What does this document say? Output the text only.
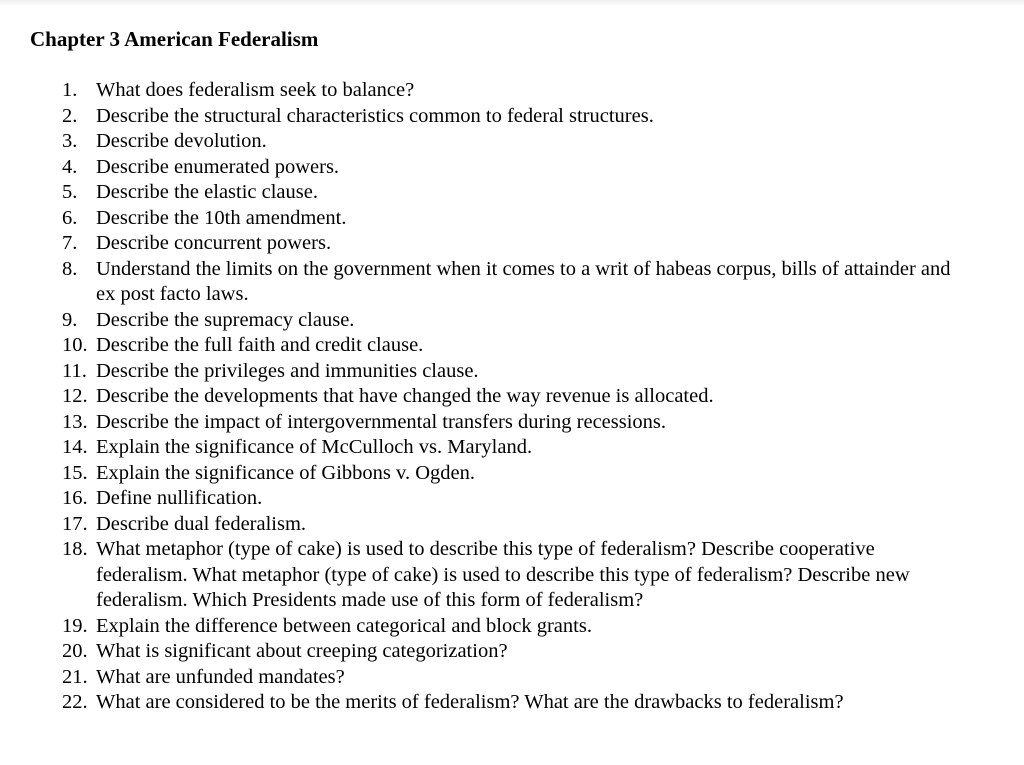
Chapter 3 American Federalism
1. What does federalism seek to balance?
2. Describe the structural characteristics common to federal structures.
3. Describe devolution.
4. Describe enumerated powers.
5. Describe the elastic clause.
6. Describe the 10th amendment.
7. Describe concurrent powers.
8. Understand the limits on the government when it comes to a writ of habeas corpus, bills of attainder and ex post facto laws.
9. Describe the supremacy clause.
10. Describe the full faith and credit clause.
11. Describe the privileges and immunities clause.
12. Describe the developments that have changed the way revenue is allocated.
13. Describe the impact of intergovernmental transfers during recessions.
14. Explain the significance of McCulloch vs. Maryland.
15. Explain the significance of Gibbons v. Ogden.
16. Define nullification.
17. Describe dual federalism.
18. What metaphor (type of cake) is used to describe this type of federalism? Describe cooperative federalism. What metaphor (type of cake) is used to describe this type of federalism? Describe new federalism. Which Presidents made use of this form of federalism?
19. Explain the difference between categorical and block grants.
20. What is significant about creeping categorization?
21. What are unfunded mandates?
22. What are considered to be the merits of federalism? What are the drawbacks to federalism?
